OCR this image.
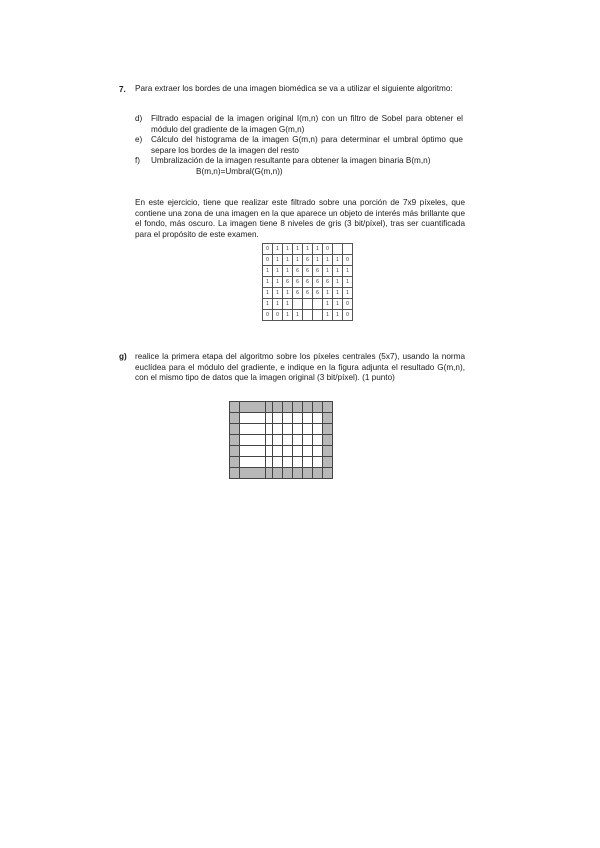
7. Para extraer los bordes de una imagen biomédica se va a utilizar el siguiente algoritmo:
d) Filtrado espacial de la imagen original I(m,n) con un filtro de Sobel para obtener el módulo del gradiente de la imagen G(m,n)
e) Cálculo del histograma de la imagen G(m,n) para determinar el umbral óptimo que separe los bordes de la imagen del resto
f) Umbralización de la imagen resultante para obtener la imagen binaria B(m,n)
B(m,n)=Umbral(G(m,n))
En este ejercicio, tiene que realizar este filtrado sobre una porción de 7x9 píxeles, que contiene una zona de una imagen en la que aparece un objeto de interés más brillante que el fondo, más oscuro. La imagen tiene 8 niveles de gris (3 bit/píxel), tras ser cuantificada para el propósito de este examen.
0	1	1	1	1	1	0		
0	1	1	1	6	1	1	1	0
1	1	1	6	6	6	1	1	1
1	1	6	6	6	6	6	1	1
1	1	1	6	6	6	1	1	1
1	1	1				1	1	0
0	0	1	1			1	1	0
g) realice la primera etapa del algoritmo sobre los píxeles centrales (5x7), usando la norma euclídea para el módulo del gradiente, e indique en la figura adjunta el resultado G(m,n), con el mismo tipo de datos que la imagen original (3 bit/píxel). (1 punto)
